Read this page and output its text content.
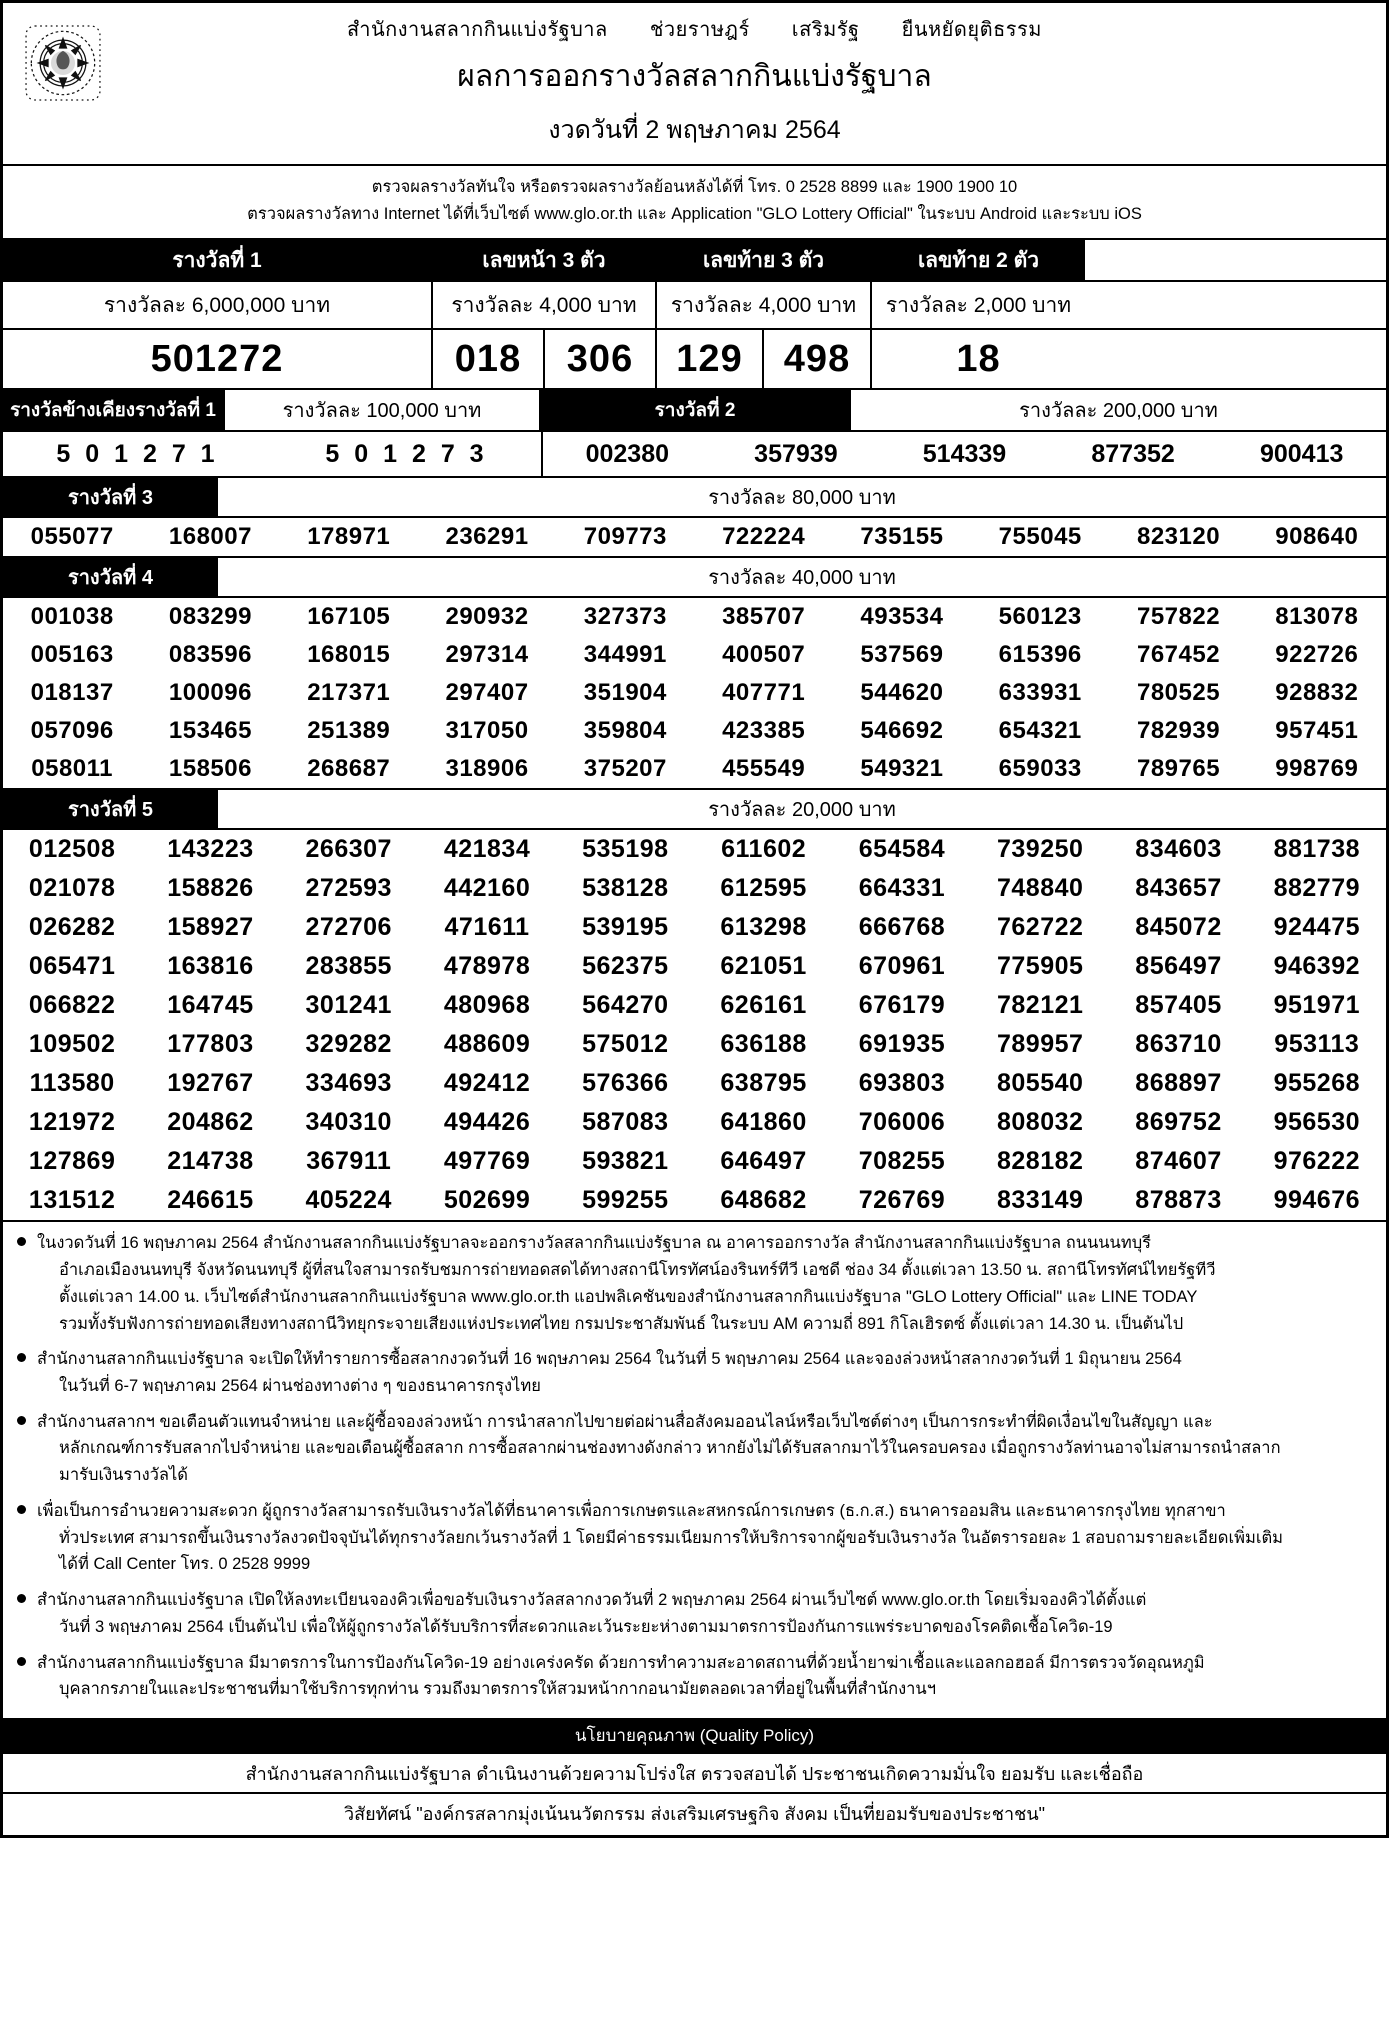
สำนักงานสลากกินแบ่งรัฐบาล ช่วยราษฎร์ เสริมรัฐ ยืนหยัดยุติธรรม
ผลการออกรางวัลสลากกินแบ่งรัฐบาล
งวดวันที่ 2 พฤษภาคม 2564
ตรวจผลรางวัลทันใจ หรือตรวจผลรางวัลย้อนหลังได้ที่ โทร. 0 2528 8899 และ 1900 1900 10
ตรวจผลรางวัลทาง Internet ได้ที่เว็บไซต์ www.glo.or.th และ Application "GLO Lottery Official" ในระบบ Android และระบบ iOS
รางวัลที่ 1	เลขหน้า 3 ตัว	เลขท้าย 3 ตัว	เลขท้าย 2 ตัว
รางวัลละ 6,000,000 บาท	รางวัลละ 4,000 บาท	รางวัลละ 4,000 บาท	รางวัลละ 2,000 บาท
501272	018	306	129	498	18
รางวัลข้างเคียงรางวัลที่ 1	รางวัลละ 100,000 บาท	รางวัลที่ 2	รางวัลละ 200,000 บาท
5 0 1 2 7 1	5 0 1 2 7 3	002380	357939	514339	877352	900413
รางวัลที่ 3	รางวัลละ 80,000 บาท
055077	168007	178971	236291	709773	722224	735155	755045	823120	908640
รางวัลที่ 4	รางวัลละ 40,000 บาท
001038	083299	167105	290932	327373	385707	493534	560123	757822	813078
005163	083596	168015	297314	344991	400507	537569	615396	767452	922726
018137	100096	217371	297407	351904	407771	544620	633931	780525	928832
057096	153465	251389	317050	359804	423385	546692	654321	782939	957451
058011	158506	268687	318906	375207	455549	549321	659033	789765	998769
รางวัลที่ 5	รางวัลละ 20,000 บาท
012508	143223	266307	421834	535198	611602	654584	739250	834603	881738
021078	158826	272593	442160	538128	612595	664331	748840	843657	882779
026282	158927	272706	471611	539195	613298	666768	762722	845072	924475
065471	163816	283855	478978	562375	621051	670961	775905	856497	946392
066822	164745	301241	480968	564270	626161	676179	782121	857405	951971
109502	177803	329282	488609	575012	636188	691935	789957	863710	953113
113580	192767	334693	492412	576366	638795	693803	805540	868897	955268
121972	204862	340310	494426	587083	641860	706006	808032	869752	956530
127869	214738	367911	497769	593821	646497	708255	828182	874607	976222
131512	246615	405224	502699	599255	648682	726769	833149	878873	994676
ในงวดวันที่ 16 พฤษภาคม 2564 สำนักงานสลากกินแบ่งรัฐบาลจะออกรางวัลสลากกินแบ่งรัฐบาล ณ อาคารออกรางวัล สำนักงานสลากกินแบ่งรัฐบาล ถนนนนทบุรี
อำเภอเมืองนนทบุรี จังหวัดนนทบุรี ผู้ที่สนใจสามารถรับชมการถ่ายทอดสดได้ทางสถานีโทรทัศน์องรินทร์ทีวี เอชดี ช่อง 34 ตั้งแต่เวลา 13.50 น. สถานีโทรทัศน์ไทยรัฐทีวี
ตั้งแต่เวลา 14.00 น. เว็บไซต์สำนักงานสลากกินแบ่งรัฐบาล www.glo.or.th แอปพลิเคชันของสำนักงานสลากกินแบ่งรัฐบาล "GLO Lottery Official" และ LINE TODAY
รวมทั้งรับฟังการถ่ายทอดเสียงทางสถานีวิทยุกระจายเสียงแห่งประเทศไทย กรมประชาสัมพันธ์ ในระบบ AM ความถี่ 891 กิโลเฮิรตซ์ ตั้งแต่เวลา 14.30 น. เป็นต้นไป
สำนักงานสลากกินแบ่งรัฐบาล จะเปิดให้ทำรายการซื้อสลากงวดวันที่ 16 พฤษภาคม 2564 ในวันที่ 5 พฤษภาคม 2564 และจองล่วงหน้าสลากงวดวันที่ 1 มิถุนายน 2564
ในวันที่ 6-7 พฤษภาคม 2564 ผ่านช่องทางต่าง ๆ ของธนาคารกรุงไทย
สำนักงานสลากฯ ขอเตือนตัวแทนจำหน่าย และผู้ซื้อจองล่วงหน้า การนำสลากไปขายต่อผ่านสื่อสังคมออนไลน์หรือเว็บไซต์ต่างๆ เป็นการกระทำที่ผิดเงื่อนไขในสัญญา และ
หลักเกณฑ์การรับสลากไปจำหน่าย และขอเตือนผู้ซื้อสลาก การซื้อสลากผ่านช่องทางดังกล่าว หากยังไม่ได้รับสลากมาไว้ในครอบครอง เมื่อถูกรางวัลท่านอาจไม่สามารถนำสลาก
มารับเงินรางวัลได้
เพื่อเป็นการอำนวยความสะดวก ผู้ถูกรางวัลสามารถรับเงินรางวัลได้ที่ธนาคารเพื่อการเกษตรและสหกรณ์การเกษตร (ธ.ก.ส.) ธนาคารออมสิน และธนาคารกรุงไทย ทุกสาขา
ทั่วประเทศ สามารถขึ้นเงินรางวัลงวดปัจจุบันได้ทุกรางวัลยกเว้นรางวัลที่ 1 โดยมีค่าธรรมเนียมการให้บริการจากผู้ขอรับเงินรางวัล ในอัตรารอยละ 1 สอบถามรายละเอียดเพิ่มเติม
ได้ที่ Call Center โทร. 0 2528 9999
สำนักงานสลากกินแบ่งรัฐบาล เปิดให้ลงทะเบียนจองคิวเพื่อขอรับเงินรางวัลสลากงวดวันที่ 2 พฤษภาคม 2564 ผ่านเว็บไซต์ www.glo.or.th โดยเริ่มจองคิวได้ตั้งแต่
วันที่ 3 พฤษภาคม 2564 เป็นต้นไป เพื่อให้ผู้ถูกรางวัลได้รับบริการที่สะดวกและเว้นระยะห่างตามมาตรการป้องกันการแพร่ระบาดของโรคติดเชื้อโควิด-19
สำนักงานสลากกินแบ่งรัฐบาล มีมาตรการในการป้องกันโควิด-19 อย่างเคร่งครัด ด้วยการทำความสะอาดสถานที่ด้วยน้ำยาฆ่าเชื้อและแอลกอฮอล์ มีการตรวจวัดอุณหภูมิ
บุคลากรภายในและประชาชนที่มาใช้บริการทุกท่าน รวมถึงมาตรการให้สวมหน้ากากอนามัยตลอดเวลาที่อยู่ในพื้นที่สำนักงานฯ
นโยบายคุณภาพ (Quality Policy)
สำนักงานสลากกินแบ่งรัฐบาล ดำเนินงานด้วยความโปร่งใส ตรวจสอบได้ ประชาชนเกิดความมั่นใจ ยอมรับ และเชื่อถือ
วิสัยทัศน์ "องค์กรสลากมุ่งเน้นนวัตกรรม ส่งเสริมเศรษฐกิจ สังคม เป็นที่ยอมรับของประชาชน"
